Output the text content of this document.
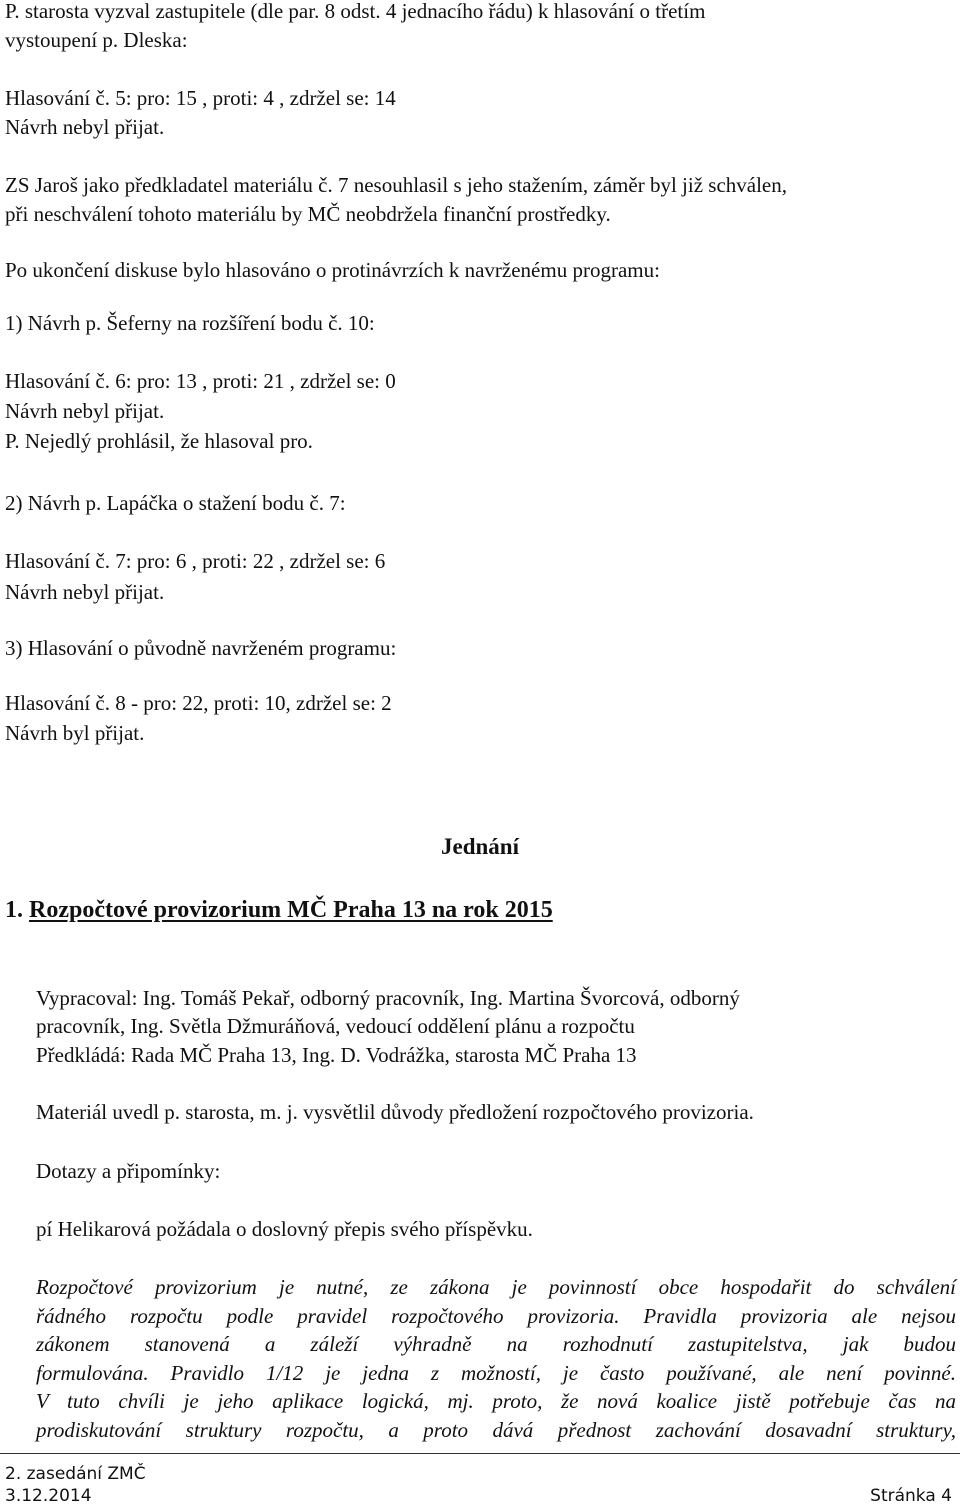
P. starosta vyzval zastupitele (dle par. 8 odst. 4 jednacího řádu) k hlasování o třetím
vystoupení p. Dleska:
Hlasování č. 5: pro: 15 , proti: 4 , zdržel se: 14
Návrh nebyl přijat.
ZS Jaroš jako předkladatel materiálu č. 7 nesouhlasil s jeho stažením, záměr byl již schválen,
při neschválení tohoto materiálu by MČ neobdržela finanční prostředky.
Po ukončení diskuse bylo hlasováno o protinávrzích k navrženému programu:
1) Návrh p. Šeferny na rozšíření bodu č. 10:
Hlasování č. 6: pro: 13 , proti: 21 , zdržel se: 0
Návrh nebyl přijat.
P. Nejedlý prohlásil, že hlasoval pro.
2) Návrh p. Lapáčka o stažení bodu č. 7:
Hlasování č. 7: pro: 6 , proti: 22 , zdržel se: 6
Návrh nebyl přijat.
3) Hlasování o původně navrženém programu:
Hlasování č. 8 - pro: 22, proti: 10, zdržel se: 2
Návrh byl přijat.
Jednání
1. Rozpočtové provizorium MČ Praha 13 na rok 2015
Vypracoval: Ing. Tomáš Pekař, odborný pracovník, Ing. Martina Švorcová, odborný
pracovník, Ing. Světla Džmuráňová, vedoucí oddělení plánu a rozpočtu
Předkládá: Rada MČ Praha 13, Ing. D. Vodrážka, starosta MČ Praha 13
Materiál uvedl p. starosta, m. j. vysvětlil důvody předložení rozpočtového provizoria.
Dotazy a připomínky:
pí Helikarová požádala o doslovný přepis svého příspěvku.

Rozpočtové provizorium je nutné, ze zákona je povinností obce hospodařit do schválení

řádného rozpočtu podle pravidel rozpočtového provizoria. Pravidla provizoria ale nejsou

zákonem stanovená a záleží výhradně na rozhodnutí zastupitelstva, jak budou

formulována. Pravidlo 1/12 je jedna z možností, je často používané, ale není povinné.

V tuto chvíli je jeho aplikace logická, mj. proto, že nová koalice jistě potřebuje čas na

prodiskutování struktury rozpočtu, a proto dává přednost zachování dosavadní struktury,

2. zasedání ZMČ
3.12.2014	Stránka 4
